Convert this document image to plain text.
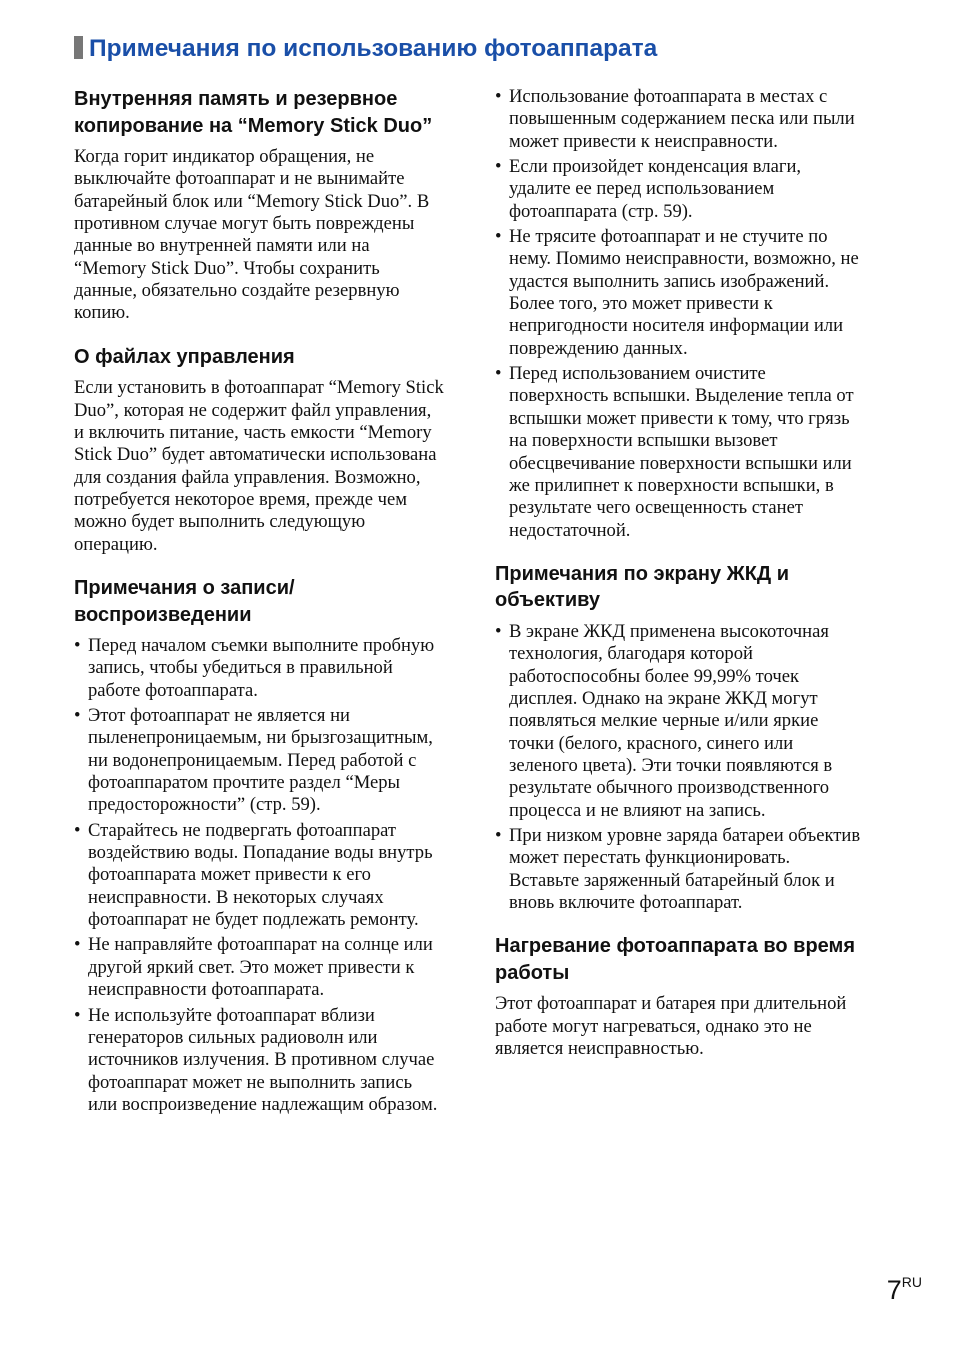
Примечания по использованию фотоаппарата
Внутренняя память и резервное копирование на “Memory Stick Duo”

Когда горит индикатор обращения, не выключайте фотоаппарат и не вынимайте батарейный блок или “Memory Stick Duo”. В противном случае могут быть повреждены данные во внутренней памяти или на “Memory Stick Duo”. Чтобы сохранить данные, обязательно создайте резервную копию.

О файлах управления

Если установить в фотоаппарат “Memory Stick Duo”, которая не содержит файл управления, и включить питание, часть емкости “Memory Stick Duo” будет автоматически использована для создания файла управления. Возможно, потребуется некоторое время, прежде чем можно будет выполнить следующую операцию.

Примечания о записи/ воспроизведении
• Перед началом съемки выполните пробную запись, чтобы убедиться в правильной работе фотоаппарата.
• Этот фотоаппарат не является ни пыленепроницаемым, ни брызгозащитным, ни водонепроницаемым. Перед работой с фотоаппаратом прочтите раздел “Меры предосторожности” (стр. 59).
• Старайтесь не подвергать фотоаппарат воздействию воды. Попадание воды внутрь фотоаппарата может привести к его неисправности. В некоторых случаях фотоаппарат не будет подлежать ремонту.
• Не направляйте фотоаппарат на солнце или другой яркий свет. Это может привести к неисправности фотоаппарата.
• Не используйте фотоаппарат вблизи генераторов сильных радиоволн или источников излучения. В противном случае фотоаппарат может не выполнить запись или воспроизведение надлежащим образом.
• Использование фотоаппарата в местах с повышенным содержанием песка или пыли может привести к неисправности.
• Если произойдет конденсация влаги, удалите ее перед использованием фотоаппарата (стр. 59).
• Не трясите фотоаппарат и не стучите по нему. Помимо неисправности, возможно, не удастся выполнить запись изображений. Более того, это может привести к непригодности носителя информации или повреждению данных.
• Перед использованием очистите поверхность вспышки. Выделение тепла от вспышки может привести к тому, что грязь на поверхности вспышки вызовет обесцвечивание поверхности вспышки или же прилипнет к поверхности вспышки, в результате чего освещенность станет недостаточной.
Примечания по экрану ЖКД и объективу
• В экране ЖКД применена высокоточная технология, благодаря которой работоспособны более 99,99% точек дисплея. Однако на экране ЖКД могут появляться мелкие черные и/или яркие точки (белого, красного, синего или зеленого цвета). Эти точки появляются в результате обычного производственного процесса и не влияют на запись.
• При низком уровне заряда батареи объектив может перестать функционировать. Вставьте заряженный батарейный блок и вновь включите фотоаппарат.
Нагревание фотоаппарата во время работы

Этот фотоаппарат и батарея при длительной работе могут нагреваться, однако это не является неисправностью.

$7^{RU}$
